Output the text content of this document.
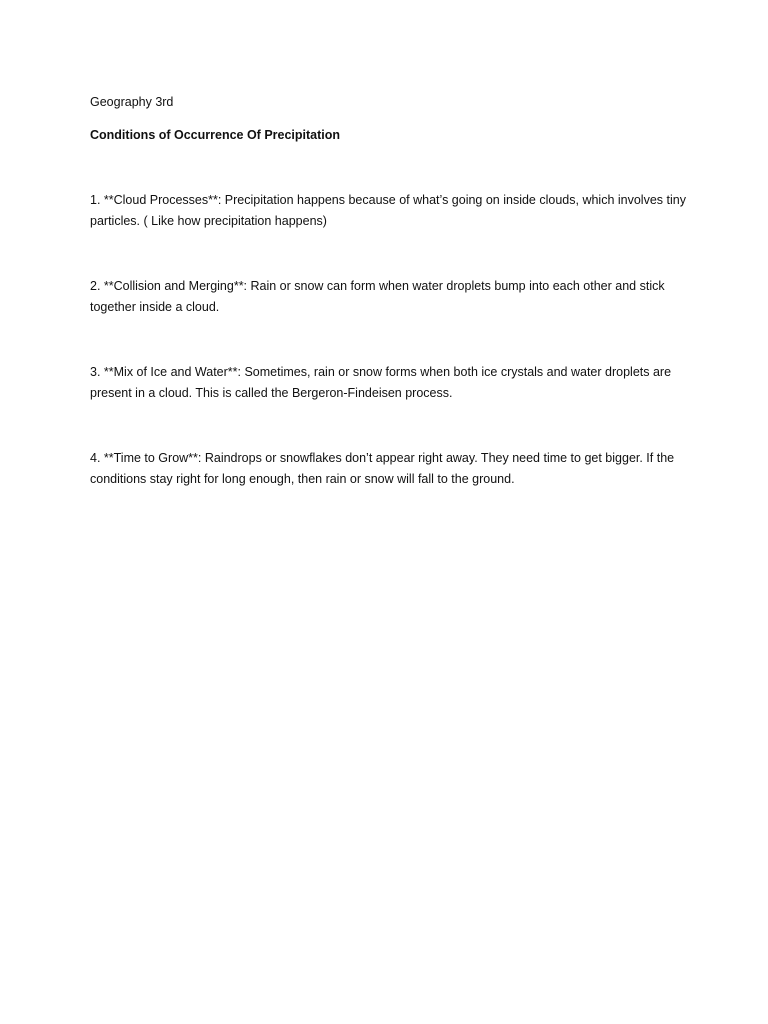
Geography 3rd

Conditions of Occurrence Of Precipitation

1. **Cloud Processes**: Precipitation happens because of what’s going on inside clouds, which involves tiny particles. ( Like how precipitation happens)

2. **Collision and Merging**: Rain or snow can form when water droplets bump into each other and stick together inside a cloud.

3. **Mix of Ice and Water**: Sometimes, rain or snow forms when both ice crystals and water droplets are present in a cloud. This is called the Bergeron-Findeisen process.

4. **Time to Grow**: Raindrops or snowflakes don’t appear right away. They need time to get bigger. If the conditions stay right for long enough, then rain or snow will fall to the ground.
